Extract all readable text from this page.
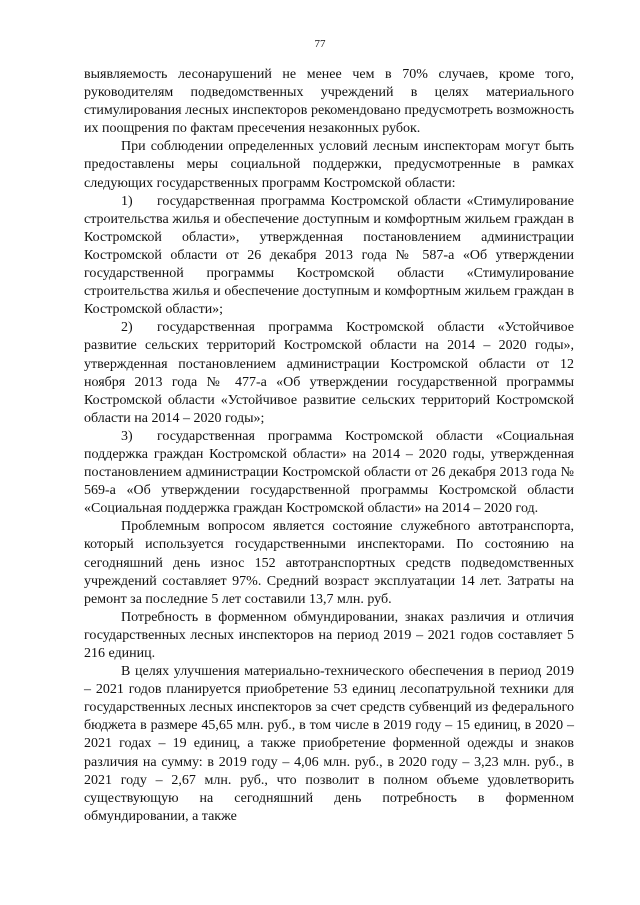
77

выявляемость лесонарушений не менее чем в 70% случаев, кроме того, руководителям подведомственных учреждений в целях материального стимулирования лесных инспекторов рекомендовано предусмотреть возможность их поощрения по фактам пресечения незаконных рубок.

При соблюдении определенных условий лесным инспекторам могут быть предоставлены меры социальной поддержки, предусмотренные в рамках следующих государственных программ Костромской области:

1) государственная программа Костромской области «Стимулирование строительства жилья и обеспечение доступным и комфортным жильем граждан в Костромской области», утвержденная постановлением администрации Костромской области от 26 декабря 2013 года № 587-а «Об утверждении государственной программы Костромской области «Стимулирование строительства жилья и обеспечение доступным и комфортным жильем граждан в Костромской области»;

2) государственная программа Костромской области «Устойчивое развитие сельских территорий Костромской области на 2014 – 2020 годы», утвержденная постановлением администрации Костромской области от 12 ноября 2013 года № 477-а «Об утверждении государственной программы Костромской области «Устойчивое развитие сельских территорий Костромской области на 2014 – 2020 годы»;

3) государственная программа Костромской области «Социальная поддержка граждан Костромской области» на 2014 – 2020 годы, утвержденная постановлением администрации Костромской области от 26 декабря 2013 года № 569-а «Об утверждении государственной программы Костромской области «Социальная поддержка граждан Костромской области» на 2014 – 2020 год.

Проблемным вопросом является состояние служебного автотранспорта, который используется государственными инспекторами. По состоянию на сегодняшний день износ 152 автотранспортных средств подведомственных учреждений составляет 97%. Средний возраст эксплуатации 14 лет. Затраты на ремонт за последние 5 лет составили 13,7 млн. руб.

Потребность в форменном обмундировании, знаках различия и отличия государственных лесных инспекторов на период 2019 – 2021 годов составляет 5 216 единиц.

В целях улучшения материально-технического обеспечения в период 2019 – 2021 годов планируется приобретение 53 единиц лесопатрульной техники для государственных лесных инспекторов за счет средств субвенций из федерального бюджета в размере 45,65 млн. руб., в том числе в 2019 году – 15 единиц, в 2020 – 2021 годах – 19 единиц, а также приобретение форменной одежды и знаков различия на сумму: в 2019 году – 4,06 млн. руб., в 2020 году – 3,23 млн. руб., в 2021 году – 2,67 млн. руб., что позволит в полном объеме удовлетворить существующую на сегодняшний день потребность в форменном обмундировании, а также
